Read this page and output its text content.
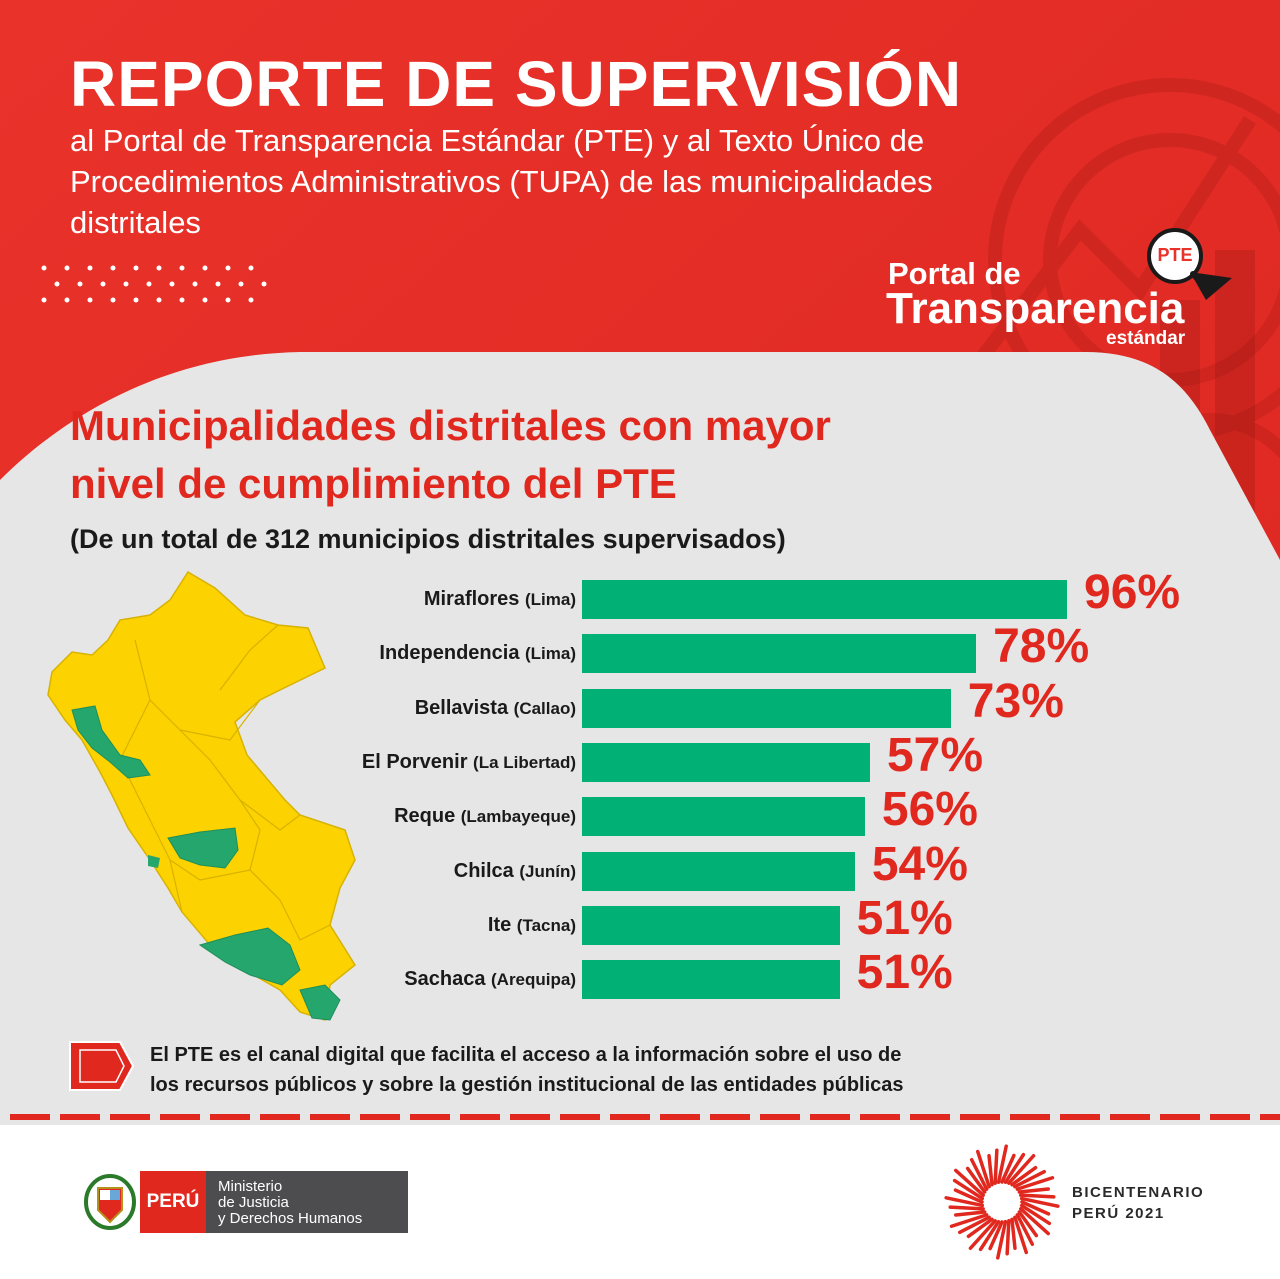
REPORTE DE SUPERVISIÓN
al Portal de Transparencia Estándar (PTE) y al Texto Único de
Procedimientos Administrativos (TUPA) de las municipalidades
distritales
Portal de
Transparencia
estándar
PTE
Municipalidades distritales con mayor
nivel de cumplimiento del PTE
(De un total de 312 municipios distritales supervisados)
Miraflores (Lima)	96%
Independencia (Lima)	78%
Bellavista (Callao)	73%
El Porvenir (La Libertad)	57%
Reque (Lambayeque)	56%
Chilca (Junín)	54%
Ite (Tacna)	51%
Sachaca (Arequipa)	51%
El PTE es el canal digital que facilita el acceso a la información sobre el uso de
los recursos públicos y sobre la gestión institucional de las entidades públicas
PERÚ
Ministerio
de Justicia
y Derechos Humanos
BICENTENARIO
PERÚ 2021
